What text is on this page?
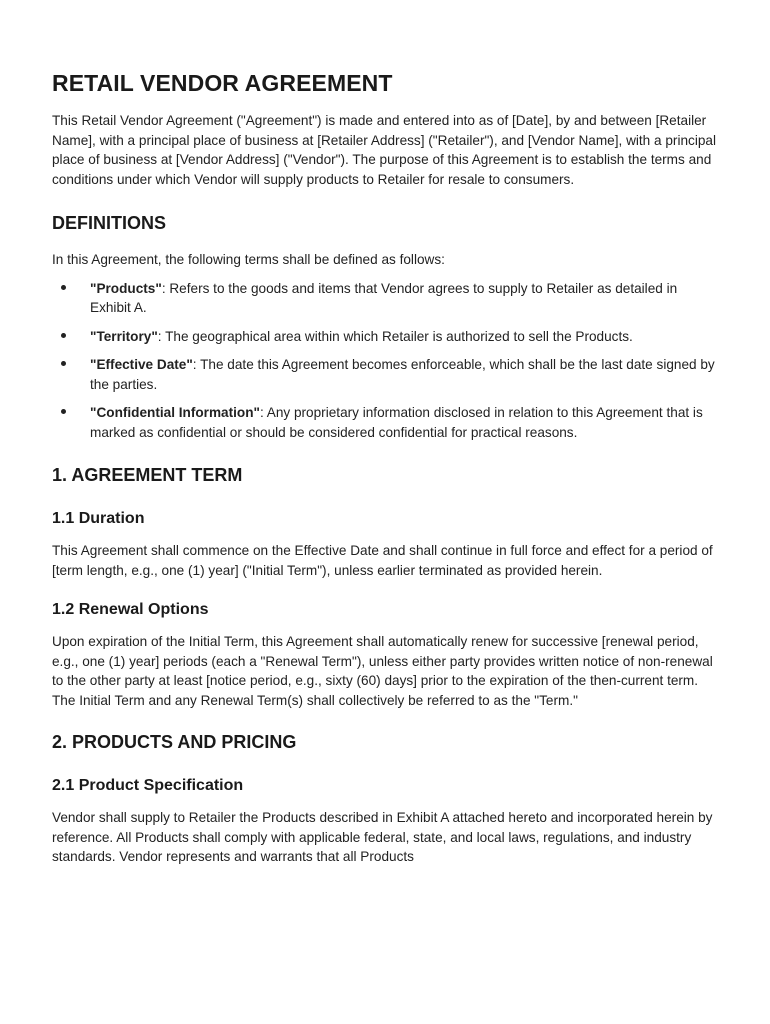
RETAIL VENDOR AGREEMENT

This Retail Vendor Agreement ("Agreement") is made and entered into as of [Date], by and between [Retailer Name], with a principal place of business at [Retailer Address] ("Retailer"), and [Vendor Name], with a principal place of business at [Vendor Address] ("Vendor"). The purpose of this Agreement is to establish the terms and conditions under which Vendor will supply products to Retailer for resale to consumers.

DEFINITIONS

In this Agreement, the following terms shall be defined as follows:

"Products": Refers to the goods and items that Vendor agrees to supply to Retailer as detailed in Exhibit A.
"Territory": The geographical area within which Retailer is authorized to sell the Products.
"Effective Date": The date this Agreement becomes enforceable, which shall be the last date signed by the parties.
"Confidential Information": Any proprietary information disclosed in relation to this Agreement that is marked as confidential or should be considered confidential for practical reasons.
1. AGREEMENT TERM
1.1 Duration

This Agreement shall commence on the Effective Date and shall continue in full force and effect for a period of [term length, e.g., one (1) year] ("Initial Term"), unless earlier terminated as provided herein.

1.2 Renewal Options

Upon expiration of the Initial Term, this Agreement shall automatically renew for successive [renewal period, e.g., one (1) year] periods (each a "Renewal Term"), unless either party provides written notice of non-renewal to the other party at least [notice period, e.g., sixty (60) days] prior to the expiration of the then-current term. The Initial Term and any Renewal Term(s) shall collectively be referred to as the "Term."

2. PRODUCTS AND PRICING
2.1 Product Specification

Vendor shall supply to Retailer the Products described in Exhibit A attached hereto and incorporated herein by reference. All Products shall comply with applicable federal, state, and local laws, regulations, and industry standards. Vendor represents and warrants that all Products
